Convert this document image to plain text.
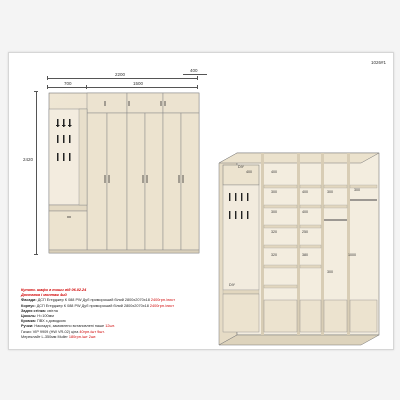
1026#1
2200
700	1500
400
2420
400	400
300
300
320
400
400
250
300
300
300
320	380	1000
DIY
DIY
Купить шафи в тиши від 06.02.24
Доставка і монтаж 4ий
Фасади: ДСП Егерджер К 088 PW Дуб приморський білий 2800x2070x18 2400грн./лист
Корпус: ДСП Егерджер К 088 PW Дуб приморський білий 2800x2070x18 2400грн./лист
Задня стінка: світла
Цоколь: Н=100мм
Кромка: ПВХ з доводкою
Ручки: Накладні, замовлено встановлені наше 12шт.
Гачки: VIP 9909 (HW VR-02) ціна 40грн./шт 9шт.
Мереклайт L-350мм Muller 180грн./шт 2шт.
